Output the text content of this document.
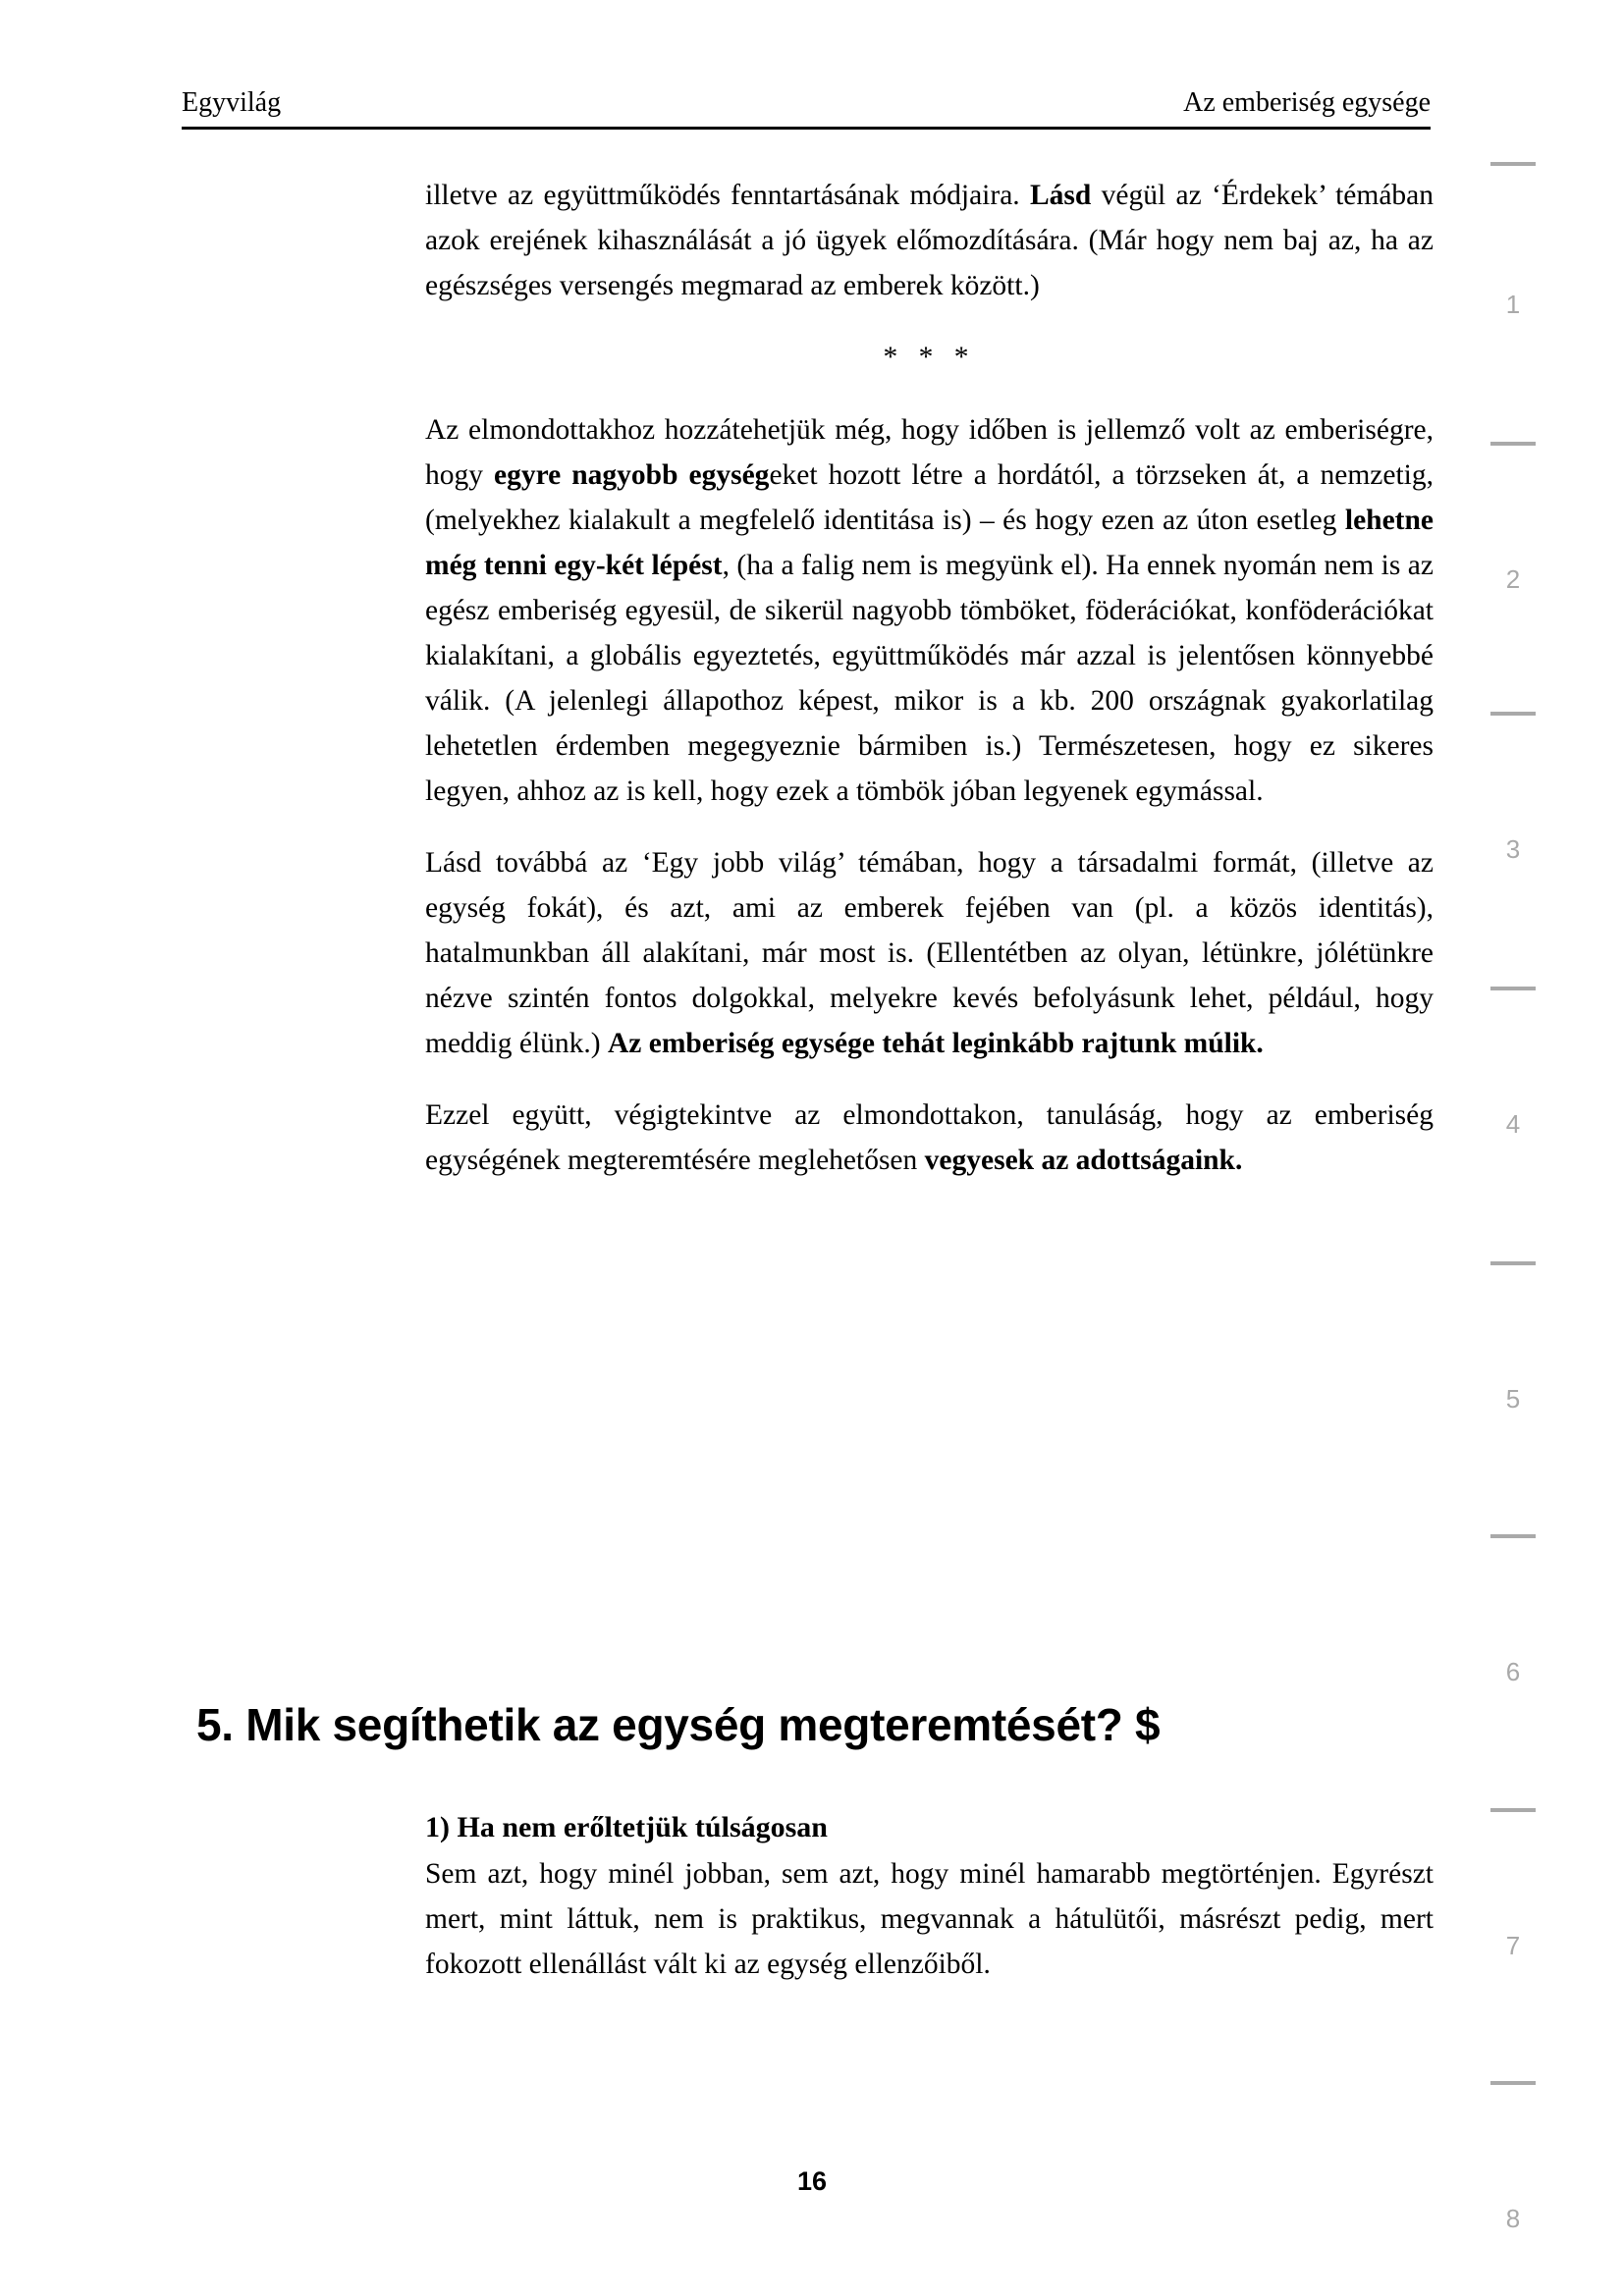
Egyvilág	Az emberiség egysége

illetve az együttműködés fenntartásának módjaira. Lásd végül az ‘Érdekek’ témában azok erejének kihasználását a jó ügyek előmozdítására. (Már hogy nem baj az, ha az egészséges versengés megmarad az emberek között.)

* * *

Az elmondottakhoz hozzátehetjük még, hogy időben is jellemző volt az emberiségre, hogy egyre nagyobb egységeket hozott létre a hordától, a törzseken át, a nemzetig, (melyekhez kialakult a megfelelő identitása is) – és hogy ezen az úton esetleg lehetne még tenni egy-két lépést, (ha a falig nem is megyünk el). Ha ennek nyomán nem is az egész emberiség egyesül, de sikerül nagyobb tömböket, föderációkat, konföderációkat kialakítani, a globális egyeztetés, együttműködés már azzal is jelentősen könnyebbé válik. (A jelenlegi állapothoz képest, mikor is a kb. 200 országnak gyakorlatilag lehetetlen érdemben megegyeznie bármiben is.) Természetesen, hogy ez sikeres legyen, ahhoz az is kell, hogy ezek a tömbök jóban legyenek egymással.

Lásd továbbá az ‘Egy jobb világ’ témában, hogy a társadalmi formát, (illetve az egység fokát), és azt, ami az emberek fejében van (pl. a közös identitás), hatalmunkban áll alakítani, már most is. (Ellentétben az olyan, létünkre, jólétünkre nézve szintén fontos dolgokkal, melyekre kevés befolyásunk lehet, például, hogy meddig élünk.) Az emberiség egysége tehát leginkább rajtunk múlik.

Ezzel együtt, végigtekintve az elmondottakon, tanuláság, hogy az emberiség egységének megteremtésére meglehetősen vegyesek az adottságaink.

5. Mik segíthetik az egység megteremtését? $
1) Ha nem erőltetjük túlságosan

Sem azt, hogy minél jobban, sem azt, hogy minél hamarabb megtörténjen. Egyrészt mert, mint láttuk, nem is praktikus, megvannak a hátulütői, másrészt pedig, mert fokozott ellenállást vált ki az egység ellenzőiből.

1
2
3
4
5
6
7
8
16
